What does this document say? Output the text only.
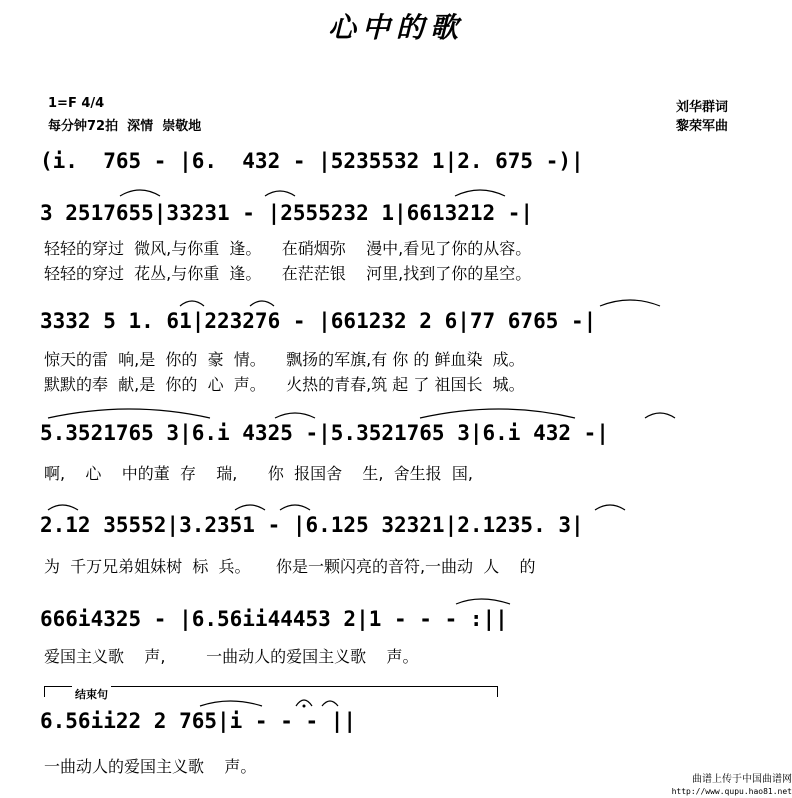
心中的歌
1=F 4/4
每分钟72拍  深情  崇敬地
刘华群词
黎荣军曲
(i.  765 - |6.  432 - |5235532 1|2. 675 -)|
3 2517655|33231 - |2555232 1|6613212 -|
轻轻的穿过  微风,与你重  逢。    在硝烟弥    漫中,看见了你的从容。
轻轻的穿过  花丛,与你重  逢。    在茫茫银    河里,找到了你的星空。
3332 5 1. 61|223276 - |661232 2 6|77 6765 -|
惊天的雷  响,是  你的  豪  情。    飘扬的军旗,有 你 的 鲜血染  成。
默默的奉  献,是  你的  心  声。    火热的青春,筑 起 了 祖国长  城。
5.3521765 3|6.i 4325 -|5.3521765 3|6.i 432 -|
啊,    心    中的董  存    瑞,      你  报国舍    生,  舍生报  国,
2.12 35552|3.2351 - |6.125 32321|2.1235. 3|
为  千万兄弟姐妹树  标  兵。     你是一颗闪亮的音符,一曲动  人    的
666i4325 - |6.56ii44453 2|1 - - - :||
爱国主义歌    声,        一曲动人的爱国主义歌    声。
结束句
6.56ii22 2 765|i - - - ||
一曲动人的爱国主义歌    声。
曲谱上传于中国曲谱网
http://www.qupu.hao81.net
